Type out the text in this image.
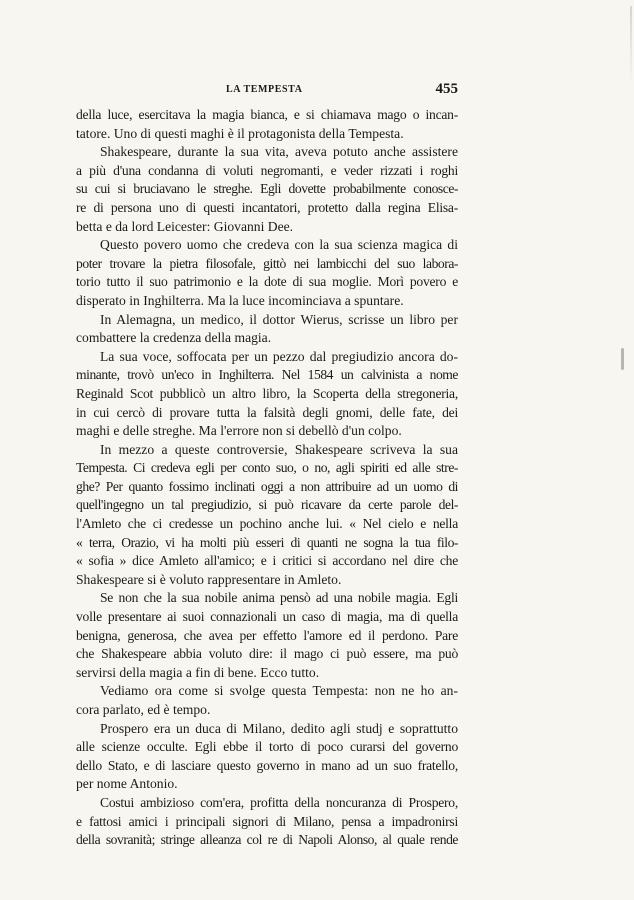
LA TEMPESTA	455
della luce, esercitava la magia bianca, e si chiamava mago o incan-
tatore. Uno di questi maghi è il protagonista della Tempesta.
Shakespeare, durante la sua vita, aveva potuto anche assistere
a più d'una condanna di voluti negromanti, e veder rizzati i roghi
su cui si bruciavano le streghe. Egli dovette probabilmente conosce-
re di persona uno di questi incantatori, protetto dalla regina Elisa-
betta e da lord Leicester: Giovanni Dee.
Questo povero uomo che credeva con la sua scienza magica di
poter trovare la pietra filosofale, gittò nei lambicchi del suo labora-
torio tutto il suo patrimonio e la dote di sua moglie. Morì povero e
disperato in Inghilterra. Ma la luce incominciava a spuntare.
In Alemagna, un medico, il dottor Wierus, scrisse un libro per
combattere la credenza della magia.
La sua voce, soffocata per un pezzo dal pregiudizio ancora do-
minante, trovò un'eco in Inghilterra. Nel 1584 un calvinista a nome
Reginald Scot pubblicò un altro libro, la Scoperta della stregoneria,
in cui cercò di provare tutta la falsità degli gnomi, delle fate, dei
maghi e delle streghe. Ma l'errore non si debellò d'un colpo.
In mezzo a queste controversie, Shakespeare scriveva la sua
Tempesta. Ci credeva egli per conto suo, o no, agli spiriti ed alle stre-
ghe? Per quanto fossimo inclinati oggi a non attribuire ad un uomo di
quell'ingegno un tal pregiudizio, si può ricavare da certe parole del-
l'Amleto che ci credesse un pochino anche lui. « Nel cielo e nella
« terra, Orazio, vi ha molti più esseri di quanti ne sogna la tua filo-
« sofia » dice Amleto all'amico; e i critici si accordano nel dire che
Shakespeare si è voluto rappresentare in Amleto.
Se non che la sua nobile anima pensò ad una nobile magia. Egli
volle presentare ai suoi connazionali un caso di magia, ma di quella
benigna, generosa, che avea per effetto l'amore ed il perdono. Pare
che Shakespeare abbia voluto dire: il mago ci può essere, ma può
servirsi della magia a fin di bene. Ecco tutto.
Vediamo ora come si svolge questa Tempesta: non ne ho an-
cora parlato, ed è tempo.
Prospero era un duca di Milano, dedito agli studj e soprattutto
alle scienze occulte. Egli ebbe il torto di poco curarsi del governo
dello Stato, e di lasciare questo governo in mano ad un suo fratello,
per nome Antonio.
Costui ambizioso com'era, profitta della noncuranza di Prospero,
e fattosi amici i principali signori di Milano, pensa a impadronirsi
della sovranità; stringe alleanza col re di Napoli Alonso, al quale rende
